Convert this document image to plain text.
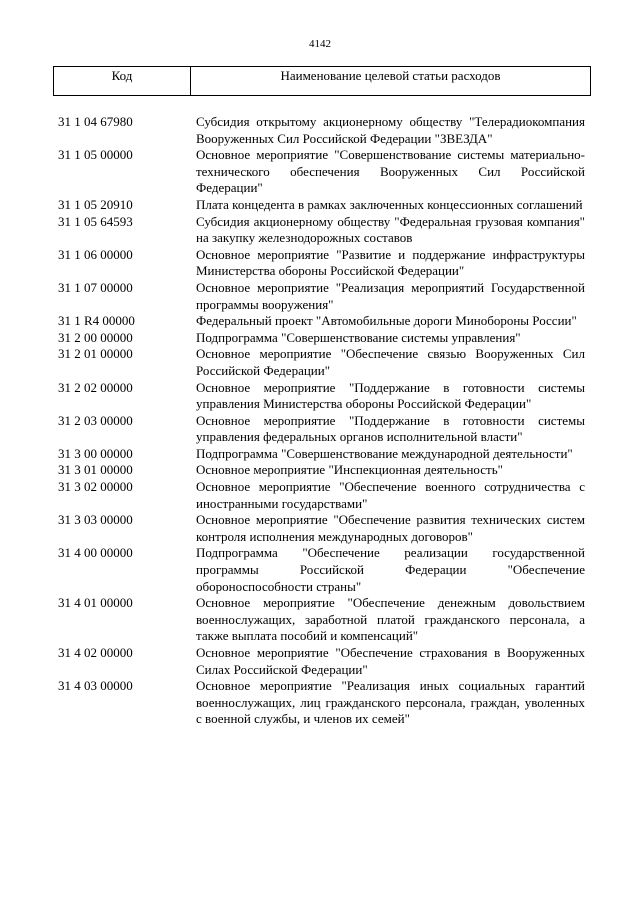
4142
Код	Наименование целевой статьи расходов
31 1 04 67980	Субсидия открытому акционерному обществу "Телерадиокомпания Вооруженных Сил Российской Федерации "ЗВЕЗДА"
31 1 05 00000	Основное мероприятие "Совершенствование системы материально-технического обеспечения Вооруженных Сил Российской Федерации"
31 1 05 20910	Плата концедента в рамках заключенных концессионных соглашений
31 1 05 64593	Субсидия акционерному обществу "Федеральная грузовая компания" на закупку железнодорожных составов
31 1 06 00000	Основное мероприятие "Развитие и поддержание инфраструктуры Министерства обороны Российской Федерации"
31 1 07 00000	Основное мероприятие "Реализация мероприятий Государственной программы вооружения"
31 1 R4 00000	Федеральный проект "Автомобильные дороги Минобороны России"
31 2 00 00000	Подпрограмма "Совершенствование системы управления"
31 2 01 00000	Основное мероприятие "Обеспечение связью Вооруженных Сил Российской Федерации"
31 2 02 00000	Основное мероприятие "Поддержание в готовности системы управления Министерства обороны Российской Федерации"
31 2 03 00000	Основное мероприятие "Поддержание в готовности системы управления федеральных органов исполнительной власти"
31 3 00 00000	Подпрограмма "Совершенствование международной деятельности"
31 3 01 00000	Основное мероприятие "Инспекционная деятельность"
31 3 02 00000	Основное мероприятие "Обеспечение военного сотрудничества с иностранными государствами"
31 3 03 00000	Основное мероприятие "Обеспечение развития технических систем контроля исполнения международных договоров"
31 4 00 00000	Подпрограмма "Обеспечение реализации государственной программы Российской Федерации "Обеспечение обороноспособности страны"
31 4 01 00000	Основное мероприятие "Обеспечение денежным довольствием военнослужащих, заработной платой гражданского персонала, а также выплата пособий и компенсаций"
31 4 02 00000	Основное мероприятие "Обеспечение страхования в Вооруженных Силах Российской Федерации"
31 4 03 00000	Основное мероприятие "Реализация иных социальных гарантий военнослужащих, лиц гражданского персонала, граждан, уволенных с военной службы, и членов их семей"
